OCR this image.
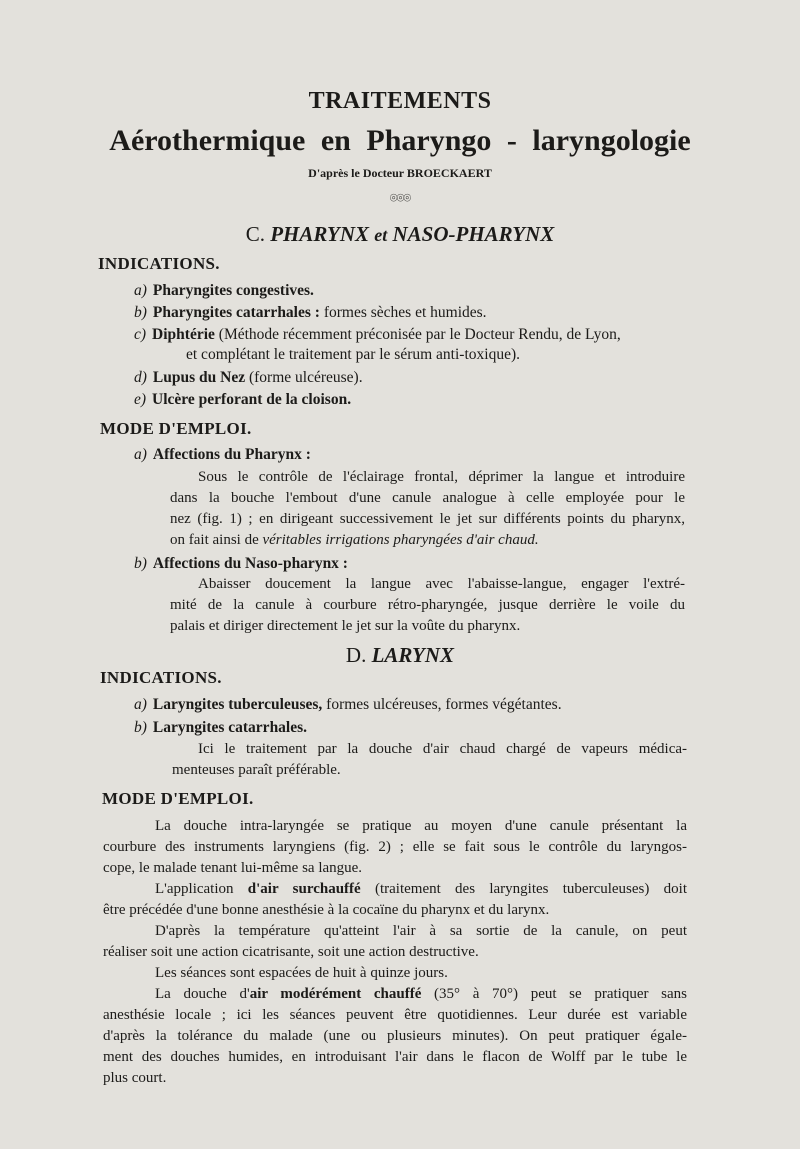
TRAITEMENTS
Aérothermique en Pharyngo - laryngologie
D'après le Docteur BROECKAERT
⌾⌾⌾
C. PHARYNX et NASO-PHARYNX
INDICATIONS.
a) Pharyngites congestives.
b) Pharyngites catarrhales : formes sèches et humides.
c) Diphtérie (Méthode récemment préconisée par le Docteur Rendu, de Lyon,
et complétant le traitement par le sérum anti-toxique).
d) Lupus du Nez (forme ulcéreuse).
e) Ulcère perforant de la cloison.
MODE D'EMPLOI.
a) Affections du Pharynx :
Sous le contrôle de l'éclairage frontal, déprimer la langue et introduire
dans la bouche l'embout d'une canule analogue à celle employée pour le
nez (fig. 1) ; en dirigeant successivement le jet sur différents points du pharynx,
on fait ainsi de véritables irrigations pharyngées d'air chaud.
b) Affections du Naso-pharynx :
Abaisser doucement la langue avec l'abaisse-langue, engager l'extré-
mité de la canule à courbure rétro-pharyngée, jusque derrière le voile du
palais et diriger directement le jet sur la voûte du pharynx.
D. LARYNX
INDICATIONS.
a) Laryngites tuberculeuses, formes ulcéreuses, formes végétantes.
b) Laryngites catarrhales.
Ici le traitement par la douche d'air chaud chargé de vapeurs médica-
menteuses paraît préférable.
MODE D'EMPLOI.
La douche intra-laryngée se pratique au moyen d'une canule présentant la
courbure des instruments laryngiens (fig. 2) ; elle se fait sous le contrôle du laryngos-
cope, le malade tenant lui-même sa langue.
L'application d'air surchauffé (traitement des laryngites tuberculeuses) doit
être précédée d'une bonne anesthésie à la cocaïne du pharynx et du larynx.
D'après la température qu'atteint l'air à sa sortie de la canule, on peut
réaliser soit une action cicatrisante, soit une action destructive.
Les séances sont espacées de huit à quinze jours.
La douche d'air modérément chauffé (35° à 70°) peut se pratiquer sans
anesthésie locale ; ici les séances peuvent être quotidiennes. Leur durée est variable
d'après la tolérance du malade (une ou plusieurs minutes). On peut pratiquer égale-
ment des douches humides, en introduisant l'air dans le flacon de Wolff par le tube le
plus court.
